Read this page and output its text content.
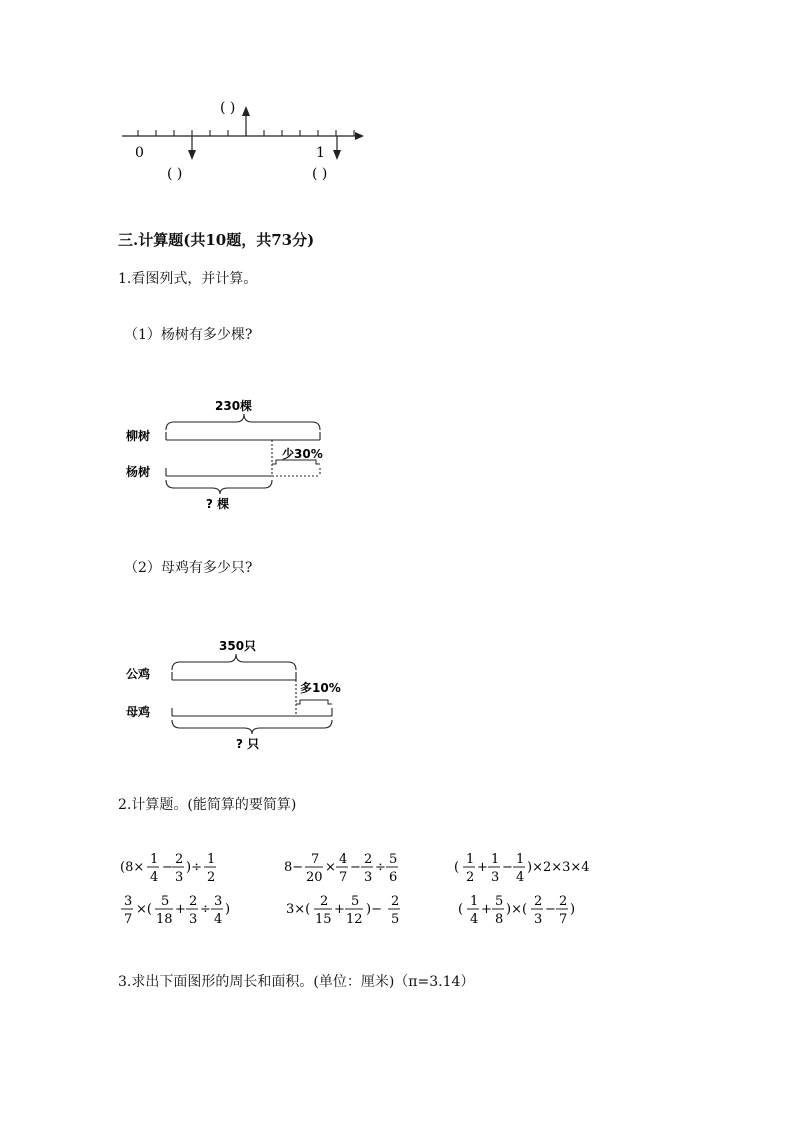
0	1
( )
( )	( )
三.计算题(共10题，共73分)
1.看图列式，并计算。
（1）杨树有多少棵?
230棵
柳树
杨树
少30%
? 棵
（2）母鸡有多少只?
350只
公鸡
母鸡
多10%
? 只
2.计算题。(能简算的要简算)
(8×
1
4
−
2
3
)÷
1
2
8−
7
20
×
4
7
−
2
3
÷
5
6
(
1
2
+
1
3
−
1
4
)×2×3×4
3
7
×(
5
18
+
2
3
÷
3
4
)	3×(
2
15
+
5
12
)−
2
5
(
1
4
+
5
8
)×(
2
3
−
2
7
)
3.求出下面图形的周长和面积。(单位：厘米)（π=3.14）
